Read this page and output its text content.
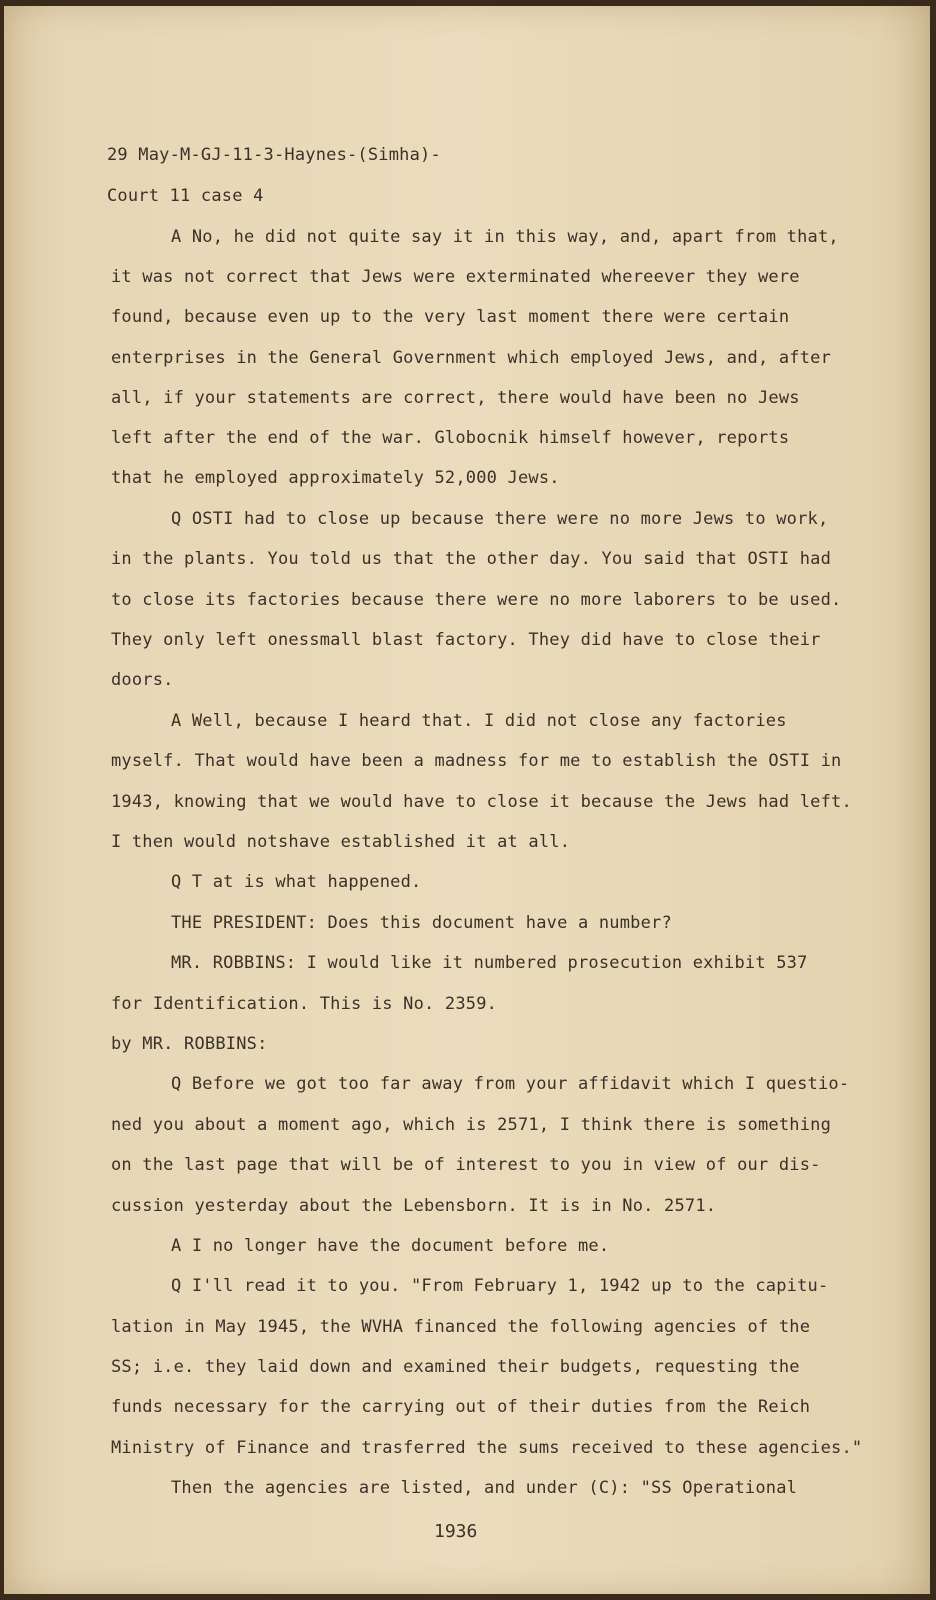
29 May-M-GJ-11-3-Haynes-(Simha)-
Court 11 case 4
A No, he did not quite say it in this way, and, apart from that,
it was not correct that Jews were exterminated whereever they were
found, because even up to the very last moment there were certain
enterprises in the General Government which employed Jews, and, after
all, if your statements are correct, there would have been no Jews
left after the end of the war. Globocnik himself however, reports
that he employed approximately 52,000 Jews.
Q OSTI had to close up because there were no more Jews to work,
in the plants. You told us that the other day. You said that OSTI had
to close its factories because there were no more laborers to be used.
They only left onessmall blast factory. They did have to close their
doors.
A Well, because I heard that. I did not close any factories
myself. That would have been a madness for me to establish the OSTI in
1943, knowing that we would have to close it because the Jews had left.
I then would notshave established it at all.
Q T at is what happened.
THE PRESIDENT: Does this document have a number?
MR. ROBBINS: I would like it numbered prosecution exhibit 537
for Identification. This is No. 2359.
by MR. ROBBINS:
Q Before we got too far away from your affidavit which I questio-
ned you about a moment ago, which is 2571, I think there is something
on the last page that will be of interest to you in view of our dis-
cussion yesterday about the Lebensborn. It is in No. 2571.
A I no longer have the document before me.
Q I'll read it to you. "From February 1, 1942 up to the capitu-
lation in May 1945, the WVHA financed the following agencies of the
SS; i.e. they laid down and examined their budgets, requesting the
funds necessary for the carrying out of their duties from the Reich
Ministry of Finance and trasferred the sums received to these agencies."
Then the agencies are listed, and under (C): "SS Operational
1936
